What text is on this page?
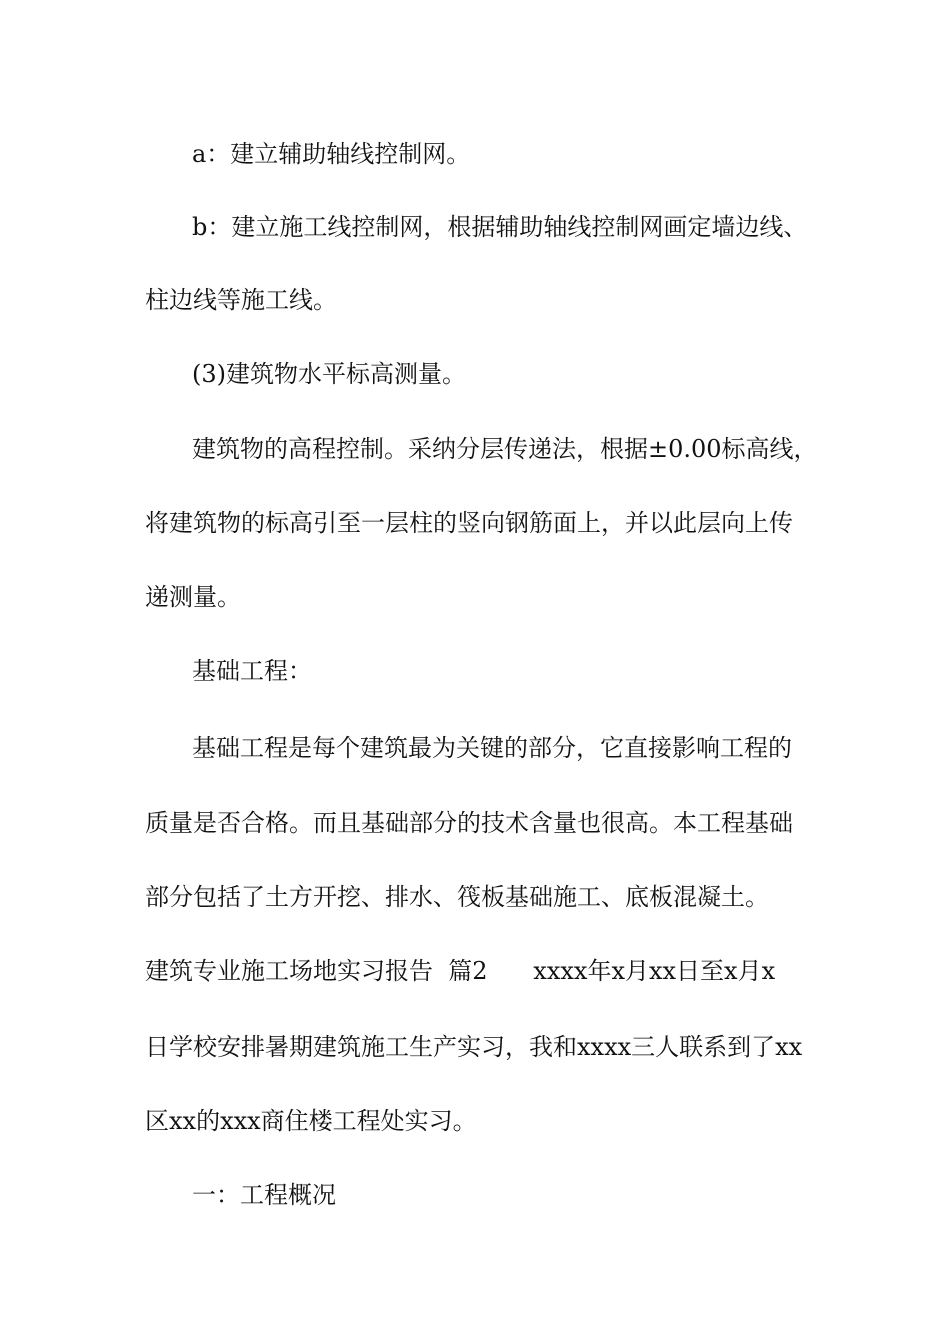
a：建立辅助轴线控制网。

b：建立施工线控制网，根据辅助轴线控制网画定墙边线、

柱边线等施工线。

(3)建筑物水平标高测量。

建筑物的高程控制。采纳分层传递法，根据±0.00标高线，

将建筑物的标高引至一层柱的竖向钢筋面上，并以此层向上传

递测量。

基础工程：

基础工程是每个建筑最为关键的部分，它直接影响工程的

质量是否合格。而且基础部分的技术含量也很高。本工程基础

部分包括了土方开挖、排水、筏板基础施工、底板混凝土。

建筑专业施工场地实习报告  篇2      xxxx年x月xx日至x月x

日学校安排暑期建筑施工生产实习，我和xxxx三人联系到了xx

区xx的xxx商住楼工程处实习。

一：工程概况
